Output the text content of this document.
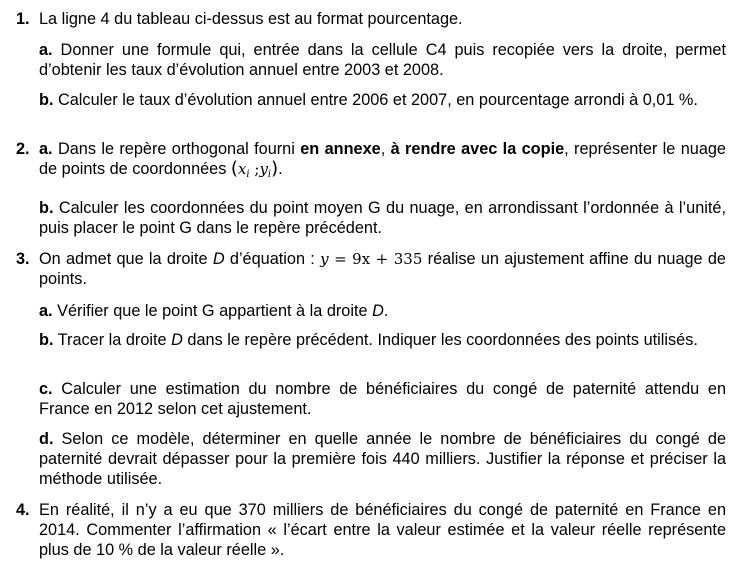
1. La ligne 4 du tableau ci-dessus est au format pourcentage.
a. Donner une formule qui, entrée dans la cellule C4 puis recopiée vers la droite, permet d’obtenir les taux d’évolution annuel entre 2003 et 2008.
b. Calculer le taux d’évolution annuel entre 2006 et 2007, en pourcentage arrondi à 0,01 %.
2. a. Dans le repère orthogonal fourni en annexe, à rendre avec la copie, représenter le nuage de points de coordonnées ($x_i$ $;y_i$).
b. Calculer les coordonnées du point moyen G du nuage, en arrondissant l’ordonnée à l’unité, puis placer le point G dans le repère précédent.
3. On admet que la droite D d’équation : y = 9x + 335 réalise un ajustement affine du nuage de points.
a. Vérifier que le point G appartient à la droite D.
b. Tracer la droite D dans le repère précédent. Indiquer les coordonnées des points utilisés.
c. Calculer une estimation du nombre de bénéficiaires du congé de paternité attendu en France en 2012 selon cet ajustement.
d. Selon ce modèle, déterminer en quelle année le nombre de bénéficiaires du congé de paternité devrait dépasser pour la première fois 440 milliers. Justifier la réponse et préciser la méthode utilisée.
4. En réalité, il n’y a eu que 370 milliers de bénéficiaires du congé de paternité en France en 2014. Commenter l’affirmation « l’écart entre la valeur estimée et la valeur réelle représente plus de 10 % de la valeur réelle ».
